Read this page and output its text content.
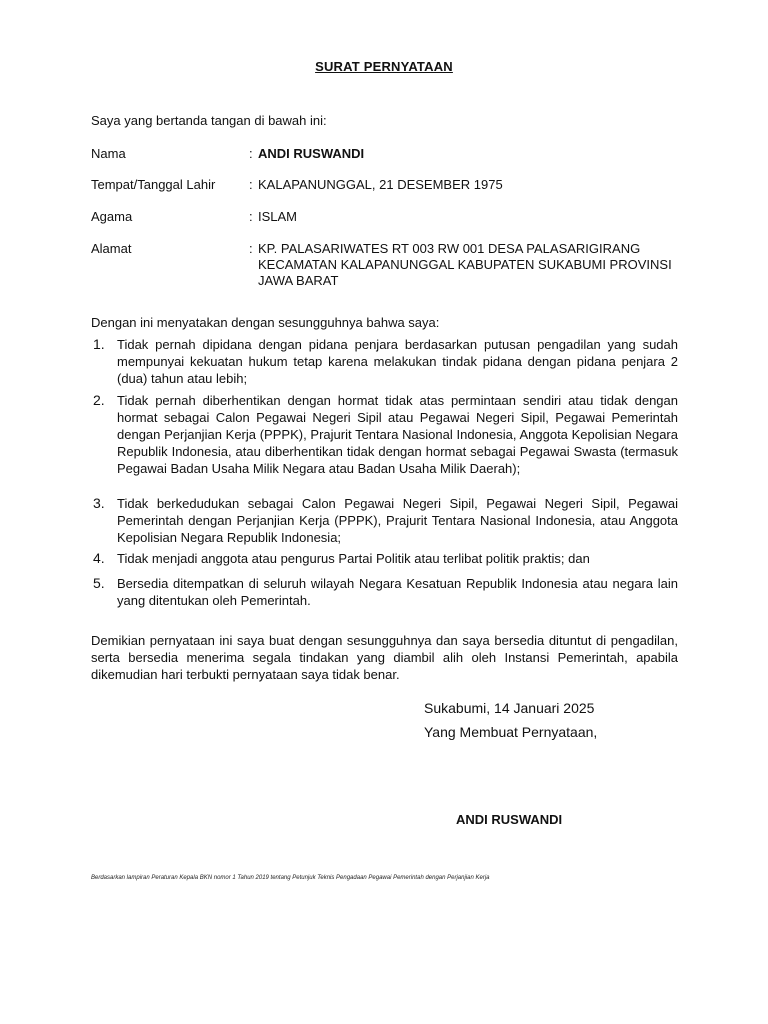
SURAT PERNYATAAN
Saya yang bertanda tangan di bawah ini:
Nama	: ANDI RUSWANDI
Tempat/Tanggal Lahir	: KALAPANUNGGAL, 21 DESEMBER 1975
Agama	: ISLAM
Alamat	: KP. PALASARIWATES RT 003 RW 001 DESA PALASARIGIRANG KECAMATAN KALAPANUNGGAL KABUPATEN SUKABUMI PROVINSI JAWA BARAT
Dengan ini menyatakan dengan sesungguhnya bahwa saya:
1. Tidak pernah dipidana dengan pidana penjara berdasarkan putusan pengadilan yang sudah mempunyai kekuatan hukum tetap karena melakukan tindak pidana dengan pidana penjara 2 (dua) tahun atau lebih;
2. Tidak pernah diberhentikan dengan hormat tidak atas permintaan sendiri atau tidak dengan hormat sebagai Calon Pegawai Negeri Sipil atau Pegawai Negeri Sipil, Pegawai Pemerintah dengan Perjanjian Kerja (PPPK), Prajurit Tentara Nasional Indonesia, Anggota Kepolisian Negara Republik Indonesia, atau diberhentikan tidak dengan hormat sebagai Pegawai Swasta (termasuk Pegawai Badan Usaha Milik Negara atau Badan Usaha Milik Daerah);
3. Tidak berkedudukan sebagai Calon Pegawai Negeri Sipil, Pegawai Negeri Sipil, Pegawai Pemerintah dengan Perjanjian Kerja (PPPK), Prajurit Tentara Nasional Indonesia, atau Anggota Kepolisian Negara Republik Indonesia;
4. Tidak menjadi anggota atau pengurus Partai Politik atau terlibat politik praktis; dan
5. Bersedia ditempatkan di seluruh wilayah Negara Kesatuan Republik Indonesia atau negara lain yang ditentukan oleh Pemerintah.
Demikian pernyataan ini saya buat dengan sesungguhnya dan saya bersedia dituntut di pengadilan, serta bersedia menerima segala tindakan yang diambil alih oleh Instansi Pemerintah, apabila dikemudian hari terbukti pernyataan saya tidak benar.
Sukabumi, 14 Januari 2025
Yang Membuat Pernyataan,
ANDI RUSWANDI
Berdasarkan lampiran Peraturan Kepala BKN nomor 1 Tahun 2019 tentang Petunjuk Teknis Pengadaan Pegawai Pemerintah dengan Perjanjian Kerja
